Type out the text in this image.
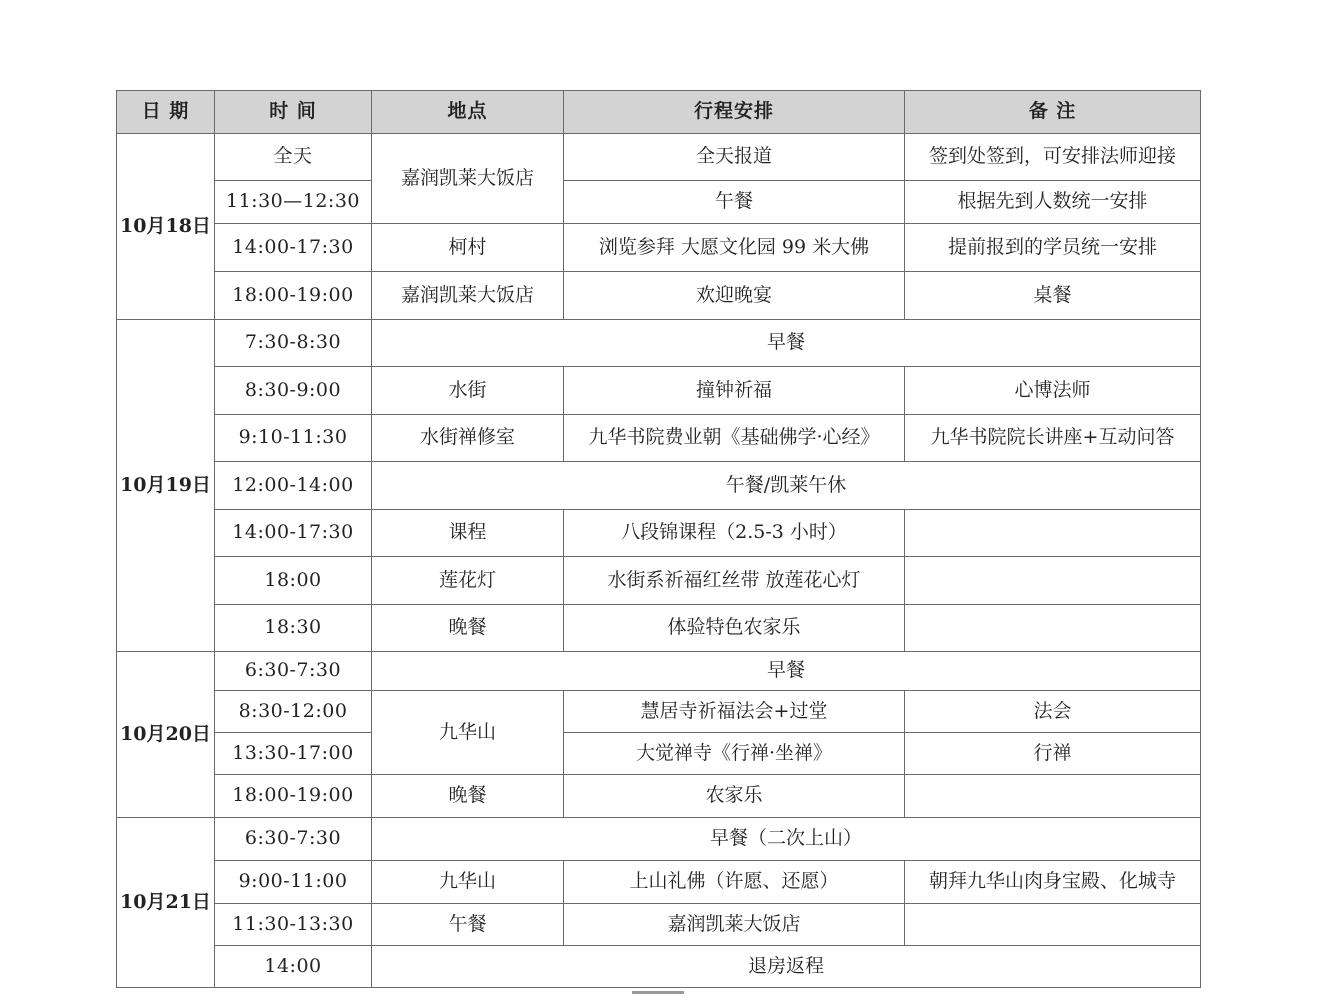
日 期	时 间	地点	行程安排	备 注
10月18日	全天	嘉润凯莱大饭店	全天报道	签到处签到，可安排法师迎接
	11:30—12:30		午餐	根据先到人数统一安排
	14:00-17:30	柯村	浏览参拜 大愿文化园 99 米大佛	提前报到的学员统一安排
	18:00-19:00	嘉润凯莱大饭店	欢迎晚宴	桌餐
10月19日	7:30-8:30	早餐		
	8:30-9:00	水街	撞钟祈福	心博法师
	9:10-11:30	水街禅修室	九华书院费业朝《基础佛学·心经》	九华书院院长讲座+互动问答
	12:00-14:00	午餐/凯莱午休		
	14:00-17:30	课程	八段锦课程（2.5-3 小时）	
	18:00	莲花灯	水街系祈福红丝带 放莲花心灯	
	18:30	晚餐	体验特色农家乐	
10月20日	6:30-7:30	早餐		
	8:30-12:00	九华山	慧居寺祈福法会+过堂	法会
	13:30-17:00		大觉禅寺《行禅·坐禅》	行禅
	18:00-19:00	晚餐	农家乐	
10月21日	6:30-7:30	早餐（二次上山）		
	9:00-11:00	九华山	上山礼佛（许愿、还愿）	朝拜九华山肉身宝殿、化城寺
	11:30-13:30	午餐	嘉润凯莱大饭店	
	14:00	退房返程		
